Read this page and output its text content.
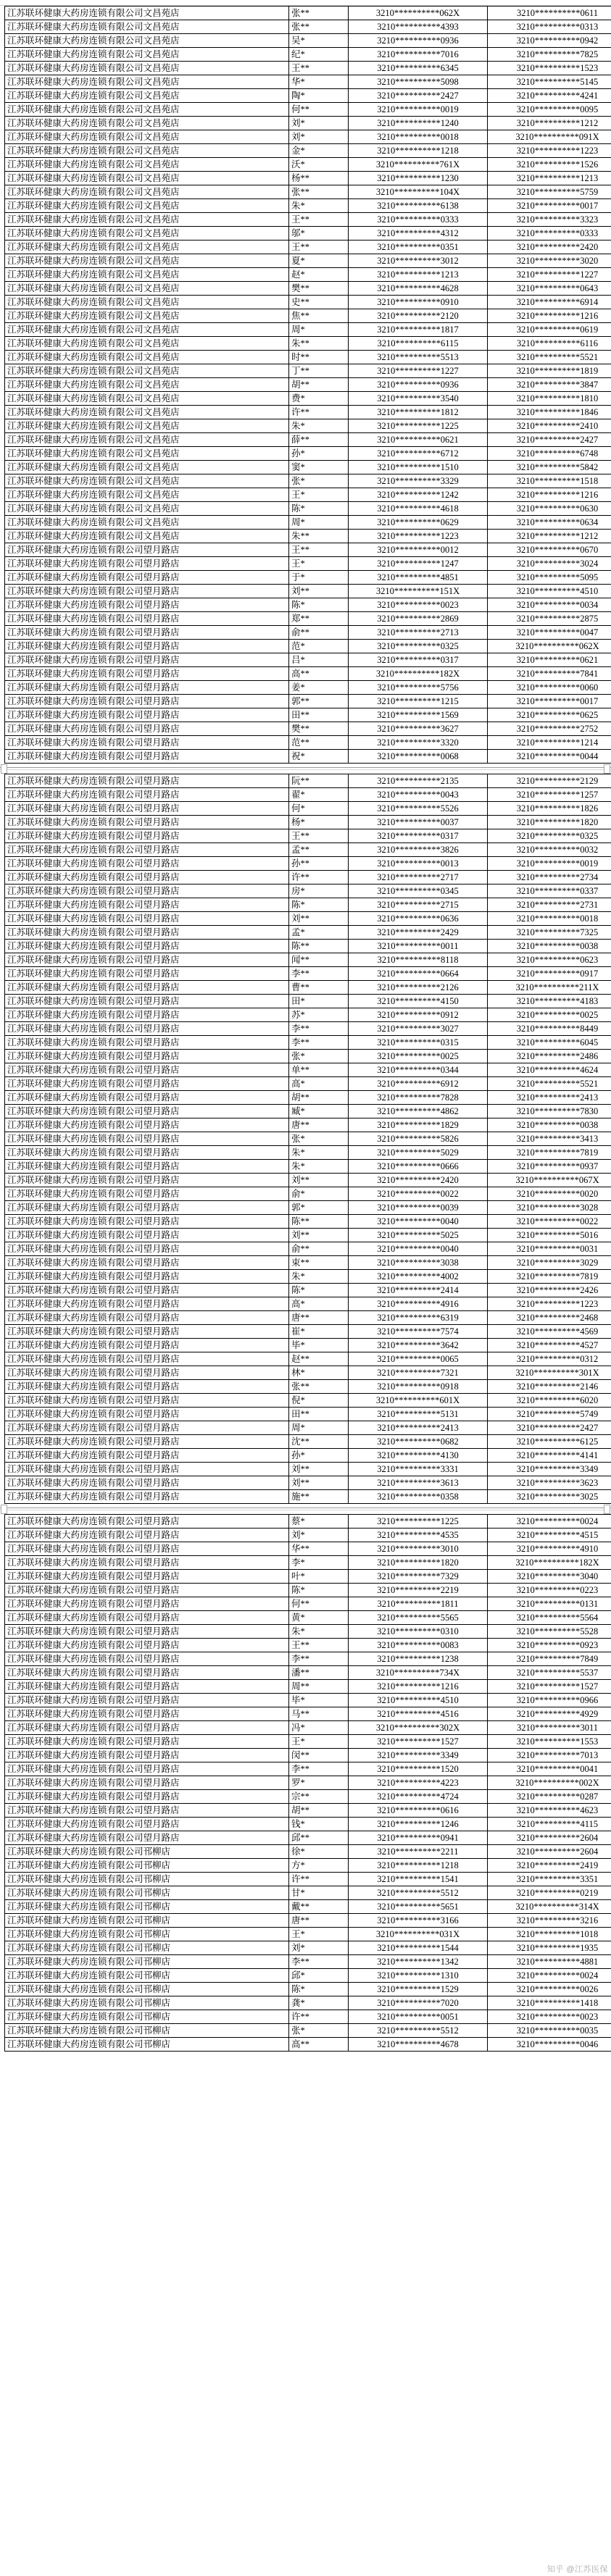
江苏联环健康大药房连锁有限公司文昌苑店	张**	3210**********062X	3210**********0611
江苏联环健康大药房连锁有限公司文昌苑店	张**	3210**********4393	3210**********0313
江苏联环健康大药房连锁有限公司文昌苑店	吴*	3210**********0936	3210**********0942
江苏联环健康大药房连锁有限公司文昌苑店	纪*	3210**********7016	3210**********7825
江苏联环健康大药房连锁有限公司文昌苑店	王**	3210**********6345	3210**********1523
江苏联环健康大药房连锁有限公司文昌苑店	华*	3210**********5098	3210**********5145
江苏联环健康大药房连锁有限公司文昌苑店	陶*	3210**********2427	3210**********4241
江苏联环健康大药房连锁有限公司文昌苑店	何**	3210**********0019	3210**********0095
江苏联环健康大药房连锁有限公司文昌苑店	刘*	3210**********1240	3210**********1212
江苏联环健康大药房连锁有限公司文昌苑店	刘*	3210**********0018	3210**********091X
江苏联环健康大药房连锁有限公司文昌苑店	金*	3210**********1218	3210**********1223
江苏联环健康大药房连锁有限公司文昌苑店	沃*	3210**********761X	3210**********1526
江苏联环健康大药房连锁有限公司文昌苑店	杨**	3210**********1230	3210**********1213
江苏联环健康大药房连锁有限公司文昌苑店	张**	3210**********104X	3210**********5759
江苏联环健康大药房连锁有限公司文昌苑店	朱*	3210**********6138	3210**********0017
江苏联环健康大药房连锁有限公司文昌苑店	王**	3210**********0333	3210**********3323
江苏联环健康大药房连锁有限公司文昌苑店	邬*	3210**********4312	3210**********0333
江苏联环健康大药房连锁有限公司文昌苑店	王**	3210**********0351	3210**********2420
江苏联环健康大药房连锁有限公司文昌苑店	夏*	3210**********3012	3210**********3020
江苏联环健康大药房连锁有限公司文昌苑店	赵*	3210**********1213	3210**********1227
江苏联环健康大药房连锁有限公司文昌苑店	樊**	3210**********4628	3210**********0643
江苏联环健康大药房连锁有限公司文昌苑店	史**	3210**********0910	3210**********6914
江苏联环健康大药房连锁有限公司文昌苑店	焦**	3210**********2120	3210**********1216
江苏联环健康大药房连锁有限公司文昌苑店	周*	3210**********1817	3210**********0619
江苏联环健康大药房连锁有限公司文昌苑店	朱**	3210**********6115	3210**********6116
江苏联环健康大药房连锁有限公司文昌苑店	时**	3210**********5513	3210**********5521
江苏联环健康大药房连锁有限公司文昌苑店	丁**	3210**********1227	3210**********1819
江苏联环健康大药房连锁有限公司文昌苑店	胡**	3210**********0936	3210**********3847
江苏联环健康大药房连锁有限公司文昌苑店	费*	3210**********3540	3210**********1810
江苏联环健康大药房连锁有限公司文昌苑店	许**	3210**********1812	3210**********1846
江苏联环健康大药房连锁有限公司文昌苑店	朱*	3210**********1225	3210**********2410
江苏联环健康大药房连锁有限公司文昌苑店	薛**	3210**********0621	3210**********2427
江苏联环健康大药房连锁有限公司文昌苑店	孙*	3210**********6712	3210**********6748
江苏联环健康大药房连锁有限公司文昌苑店	窦*	3210**********1510	3210**********5842
江苏联环健康大药房连锁有限公司文昌苑店	张*	3210**********3329	3210**********1518
江苏联环健康大药房连锁有限公司文昌苑店	王*	3210**********1242	3210**********1216
江苏联环健康大药房连锁有限公司文昌苑店	陈*	3210**********4618	3210**********0630
江苏联环健康大药房连锁有限公司文昌苑店	周*	3210**********0629	3210**********0634
江苏联环健康大药房连锁有限公司文昌苑店	朱**	3210**********1223	3210**********1212
江苏联环健康大药房连锁有限公司望月路店	王**	3210**********0012	3210**********0670
江苏联环健康大药房连锁有限公司望月路店	王*	3210**********1247	3210**********3024
江苏联环健康大药房连锁有限公司望月路店	于*	3210**********4851	3210**********5095
江苏联环健康大药房连锁有限公司望月路店	刘**	3210**********151X	3210**********4510
江苏联环健康大药房连锁有限公司望月路店	陈*	3210**********0023	3210**********0034
江苏联环健康大药房连锁有限公司望月路店	郑**	3210**********2869	3210**********2875
江苏联环健康大药房连锁有限公司望月路店	俞**	3210**********2713	3210**********0047
江苏联环健康大药房连锁有限公司望月路店	范*	3210**********0325	3210**********062X
江苏联环健康大药房连锁有限公司望月路店	吕*	3210**********0317	3210**********0621
江苏联环健康大药房连锁有限公司望月路店	高**	3210**********182X	3210**********7841
江苏联环健康大药房连锁有限公司望月路店	姜*	3210**********5756	3210**********0060
江苏联环健康大药房连锁有限公司望月路店	郭**	3210**********1215	3210**********0017
江苏联环健康大药房连锁有限公司望月路店	田**	3210**********1569	3210**********0625
江苏联环健康大药房连锁有限公司望月路店	樊**	3210**********3627	3210**********2752
江苏联环健康大药房连锁有限公司望月路店	范**	3210**********3320	3210**********1214
江苏联环健康大药房连锁有限公司望月路店	祝*	3210**********0068	3210**********0044
江苏联环健康大药房连锁有限公司望月路店	阮**	3210**********2135	3210**********2129
江苏联环健康大药房连锁有限公司望月路店	翟*	3210**********0043	3210**********1257
江苏联环健康大药房连锁有限公司望月路店	何*	3210**********5526	3210**********1826
江苏联环健康大药房连锁有限公司望月路店	杨*	3210**********0037	3210**********1820
江苏联环健康大药房连锁有限公司望月路店	王**	3210**********0317	3210**********0325
江苏联环健康大药房连锁有限公司望月路店	孟**	3210**********3826	3210**********0032
江苏联环健康大药房连锁有限公司望月路店	孙**	3210**********0013	3210**********0019
江苏联环健康大药房连锁有限公司望月路店	许**	3210**********2717	3210**********2734
江苏联环健康大药房连锁有限公司望月路店	房*	3210**********0345	3210**********0337
江苏联环健康大药房连锁有限公司望月路店	陈*	3210**********2715	3210**********2731
江苏联环健康大药房连锁有限公司望月路店	刘**	3210**********0636	3210**********0018
江苏联环健康大药房连锁有限公司望月路店	孟*	3210**********2429	3210**********7325
江苏联环健康大药房连锁有限公司望月路店	陈**	3210**********0011	3210**********0038
江苏联环健康大药房连锁有限公司望月路店	闻**	3210**********8118	3210**********0623
江苏联环健康大药房连锁有限公司望月路店	李**	3210**********0664	3210**********0917
江苏联环健康大药房连锁有限公司望月路店	曹**	3210**********2126	3210**********211X
江苏联环健康大药房连锁有限公司望月路店	田*	3210**********4150	3210**********4183
江苏联环健康大药房连锁有限公司望月路店	苏*	3210**********0912	3210**********0025
江苏联环健康大药房连锁有限公司望月路店	李**	3210**********3027	3210**********8449
江苏联环健康大药房连锁有限公司望月路店	李**	3210**********0315	3210**********6045
江苏联环健康大药房连锁有限公司望月路店	张*	3210**********0025	3210**********2486
江苏联环健康大药房连锁有限公司望月路店	单**	3210**********0344	3210**********4624
江苏联环健康大药房连锁有限公司望月路店	高*	3210**********6912	3210**********5521
江苏联环健康大药房连锁有限公司望月路店	胡**	3210**********7828	3210**********2413
江苏联环健康大药房连锁有限公司望月路店	臧*	3210**********4862	3210**********7830
江苏联环健康大药房连锁有限公司望月路店	唐**	3210**********1829	3210**********0038
江苏联环健康大药房连锁有限公司望月路店	张*	3210**********5826	3210**********3413
江苏联环健康大药房连锁有限公司望月路店	朱*	3210**********5029	3210**********7819
江苏联环健康大药房连锁有限公司望月路店	朱*	3210**********0666	3210**********0937
江苏联环健康大药房连锁有限公司望月路店	刘**	3210**********2420	3210**********067X
江苏联环健康大药房连锁有限公司望月路店	俞*	3210**********0022	3210**********0020
江苏联环健康大药房连锁有限公司望月路店	郭*	3210**********0039	3210**********3028
江苏联环健康大药房连锁有限公司望月路店	陈**	3210**********0040	3210**********0022
江苏联环健康大药房连锁有限公司望月路店	刘**	3210**********5025	3210**********5016
江苏联环健康大药房连锁有限公司望月路店	俞**	3210**********0040	3210**********0031
江苏联环健康大药房连锁有限公司望月路店	束**	3210**********3038	3210**********3029
江苏联环健康大药房连锁有限公司望月路店	朱*	3210**********4002	3210**********7819
江苏联环健康大药房连锁有限公司望月路店	陈*	3210**********2414	3210**********2426
江苏联环健康大药房连锁有限公司望月路店	高*	3210**********4916	3210**********1223
江苏联环健康大药房连锁有限公司望月路店	唐**	3210**********6319	3210**********2468
江苏联环健康大药房连锁有限公司望月路店	崔*	3210**********7574	3210**********4569
江苏联环健康大药房连锁有限公司望月路店	毕*	3210**********3642	3210**********4527
江苏联环健康大药房连锁有限公司望月路店	赵**	3210**********0065	3210**********0312
江苏联环健康大药房连锁有限公司望月路店	林*	3210**********7321	3210**********301X
江苏联环健康大药房连锁有限公司望月路店	张**	3210**********0918	3210**********2146
江苏联环健康大药房连锁有限公司望月路店	倪*	3210**********601X	3210**********6020
江苏联环健康大药房连锁有限公司望月路店	田**	3210**********5131	3210**********5749
江苏联环健康大药房连锁有限公司望月路店	周*	3210**********2413	3210**********2427
江苏联环健康大药房连锁有限公司望月路店	沈**	3210**********0682	3210**********6125
江苏联环健康大药房连锁有限公司望月路店	孙*	3210**********4130	3210**********4141
江苏联环健康大药房连锁有限公司望月路店	刘**	3210**********3331	3210**********3349
江苏联环健康大药房连锁有限公司望月路店	刘**	3210**********3613	3210**********3623
江苏联环健康大药房连锁有限公司望月路店	施**	3210**********0358	3210**********3025
江苏联环健康大药房连锁有限公司望月路店	蔡*	3210**********1225	3210**********0024
江苏联环健康大药房连锁有限公司望月路店	刘*	3210**********4535	3210**********4515
江苏联环健康大药房连锁有限公司望月路店	华**	3210**********3010	3210**********4910
江苏联环健康大药房连锁有限公司望月路店	李*	3210**********1820	3210**********182X
江苏联环健康大药房连锁有限公司望月路店	叶*	3210**********7329	3210**********3040
江苏联环健康大药房连锁有限公司望月路店	陈*	3210**********2219	3210**********0223
江苏联环健康大药房连锁有限公司望月路店	何**	3210**********1811	3210**********0131
江苏联环健康大药房连锁有限公司望月路店	黄*	3210**********5565	3210**********5564
江苏联环健康大药房连锁有限公司望月路店	朱*	3210**********0310	3210**********5528
江苏联环健康大药房连锁有限公司望月路店	王**	3210**********0083	3210**********0923
江苏联环健康大药房连锁有限公司望月路店	李**	3210**********1238	3210**********7849
江苏联环健康大药房连锁有限公司望月路店	潘**	3210**********734X	3210**********5537
江苏联环健康大药房连锁有限公司望月路店	周**	3210**********1216	3210**********1527
江苏联环健康大药房连锁有限公司望月路店	毕*	3210**********4510	3210**********0966
江苏联环健康大药房连锁有限公司望月路店	马**	3210**********4516	3210**********4929
江苏联环健康大药房连锁有限公司望月路店	冯*	3210**********302X	3210**********3011
江苏联环健康大药房连锁有限公司望月路店	王*	3210**********1527	3210**********1553
江苏联环健康大药房连锁有限公司望月路店	闵**	3210**********3349	3210**********7013
江苏联环健康大药房连锁有限公司望月路店	李**	3210**********1520	3210**********0041
江苏联环健康大药房连锁有限公司望月路店	罗*	3210**********4223	3210**********002X
江苏联环健康大药房连锁有限公司望月路店	宗**	3210**********4724	3210**********0287
江苏联环健康大药房连锁有限公司望月路店	胡**	3210**********0616	3210**********4623
江苏联环健康大药房连锁有限公司望月路店	钱*	3210**********1246	3210**********4115
江苏联环健康大药房连锁有限公司望月路店	邱**	3210**********0941	3210**********2604
江苏联环健康大药房连锁有限公司邗柳店	徐*	3210**********2211	3210**********2604
江苏联环健康大药房连锁有限公司邗柳店	方*	3210**********1218	3210**********2419
江苏联环健康大药房连锁有限公司邗柳店	许**	3210**********1541	3210**********3351
江苏联环健康大药房连锁有限公司邗柳店	甘*	3210**********5512	3210**********0219
江苏联环健康大药房连锁有限公司邗柳店	戴**	3210**********5651	3210**********314X
江苏联环健康大药房连锁有限公司邗柳店	唐**	3210**********3166	3210**********3216
江苏联环健康大药房连锁有限公司邗柳店	王*	3210**********031X	3210**********1018
江苏联环健康大药房连锁有限公司邗柳店	刘*	3210**********1544	3210**********1935
江苏联环健康大药房连锁有限公司邗柳店	李**	3210**********1342	3210**********4881
江苏联环健康大药房连锁有限公司邗柳店	邱*	3210**********1310	3210**********0024
江苏联环健康大药房连锁有限公司邗柳店	陈*	3210**********1529	3210**********0026
江苏联环健康大药房连锁有限公司邗柳店	龚*	3210**********7020	3210**********1418
江苏联环健康大药房连锁有限公司邗柳店	许**	3210**********0051	3210**********0023
江苏联环健康大药房连锁有限公司邗柳店	张*	3210**********5512	3210**********0035
江苏联环健康大药房连锁有限公司邗柳店	高**	3210**********4678	3210**********0046
知乎 @江苏医保
